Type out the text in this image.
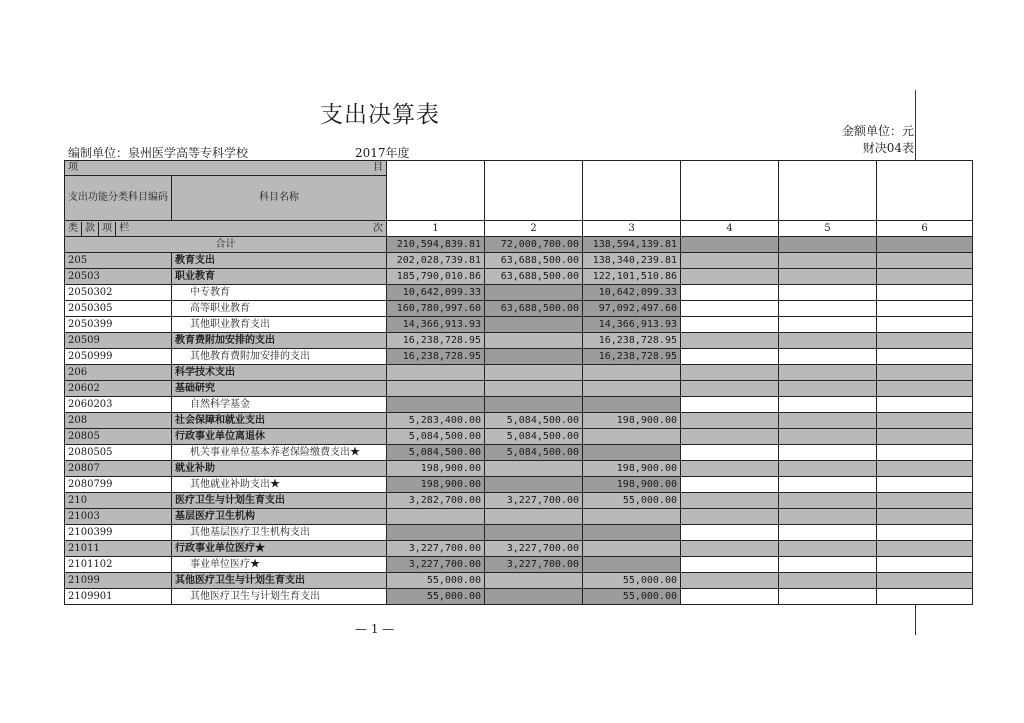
支出决算表
金额单位：元
财决04表
编制单位：泉州医学高等专科学校	2017年度
项 目							

支出功能分类科目编码	科目名称						
类 款 项 栏 次		1	2	3	4	5	6
合计		210,594,839.81	72,000,700.00	138,594,139.81			
205	教育支出	202,028,739.81	63,688,500.00	138,340,239.81			
20503	职业教育	185,790,010.86	63,688,500.00	122,101,510.86			
2050302	中专教育	10,642,099.33		10,642,099.33			
2050305	高等职业教育	160,780,997.60	63,688,500.00	97,092,497.60			
2050399	其他职业教育支出	14,366,913.93		14,366,913.93			
20509	教育费附加安排的支出	16,238,728.95		16,238,728.95			
2050999	其他教育费附加安排的支出	16,238,728.95		16,238,728.95			
206	科学技术支出						
20602	基础研究						
2060203	自然科学基金						
208	社会保障和就业支出	5,283,400.00	5,084,500.00	198,900.00			
20805	行政事业单位离退休	5,084,500.00	5,084,500.00				
2080505	机关事业单位基本养老保险缴费支出★	5,084,500.00	5,084,500.00				
20807	就业补助	198,900.00		198,900.00			
2080799	其他就业补助支出★	198,900.00		198,900.00			
210	医疗卫生与计划生育支出	3,282,700.00	3,227,700.00	55,000.00			
21003	基层医疗卫生机构						
2100399	其他基层医疗卫生机构支出						
21011	行政事业单位医疗★	3,227,700.00	3,227,700.00				
2101102	事业单位医疗★	3,227,700.00	3,227,700.00				
21099	其他医疗卫生与计划生育支出	55,000.00		55,000.00			
2109901	其他医疗卫生与计划生育支出	55,000.00		55,000.00			
— 1 —
